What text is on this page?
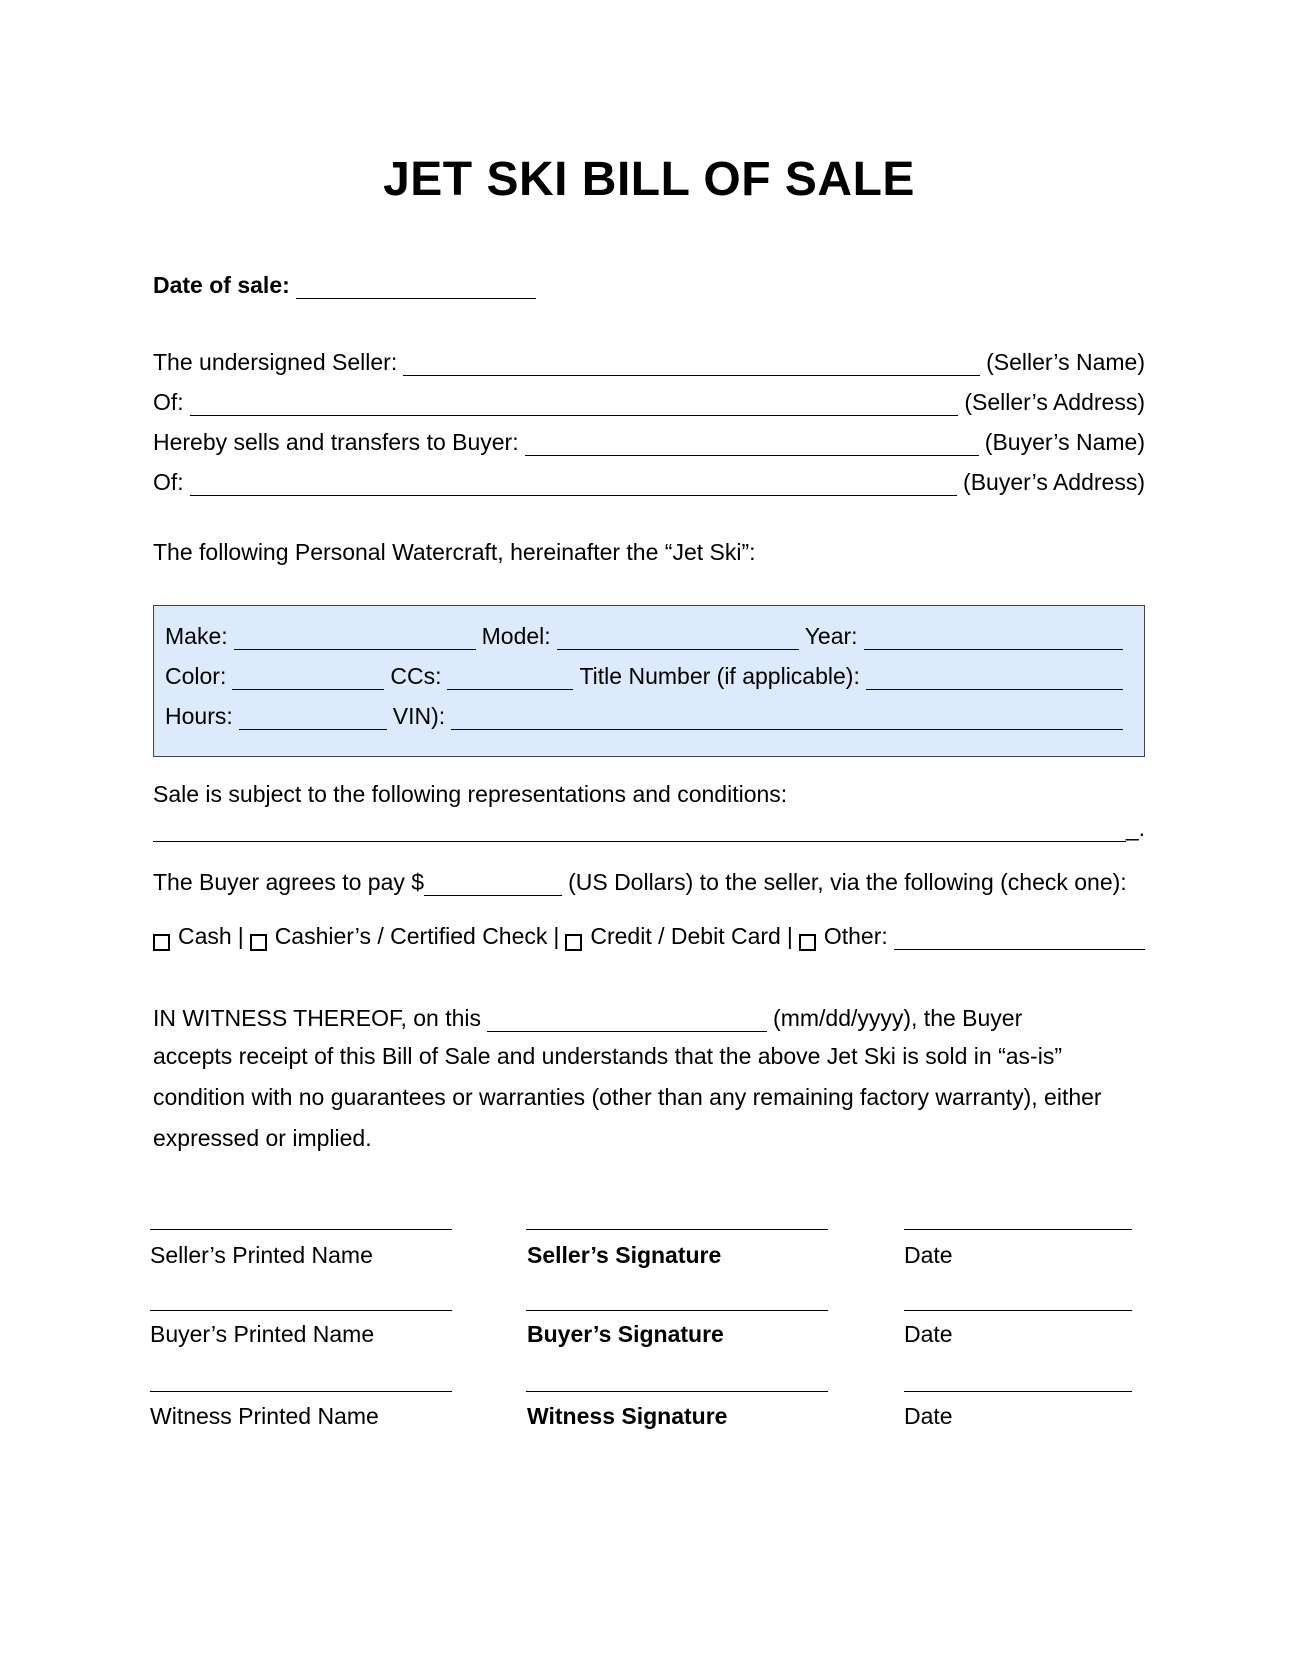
JET SKI BILL OF SALE
Date of sale:
The undersigned Seller:	(Seller’s Name)
Of:	(Seller’s Address)
Hereby sells and transfers to Buyer:	(Buyer’s Name)
Of:	(Buyer’s Address)
The following Personal Watercraft, hereinafter the “Jet Ski”:
Make:	Model:	Year:
Color:	CCs:	Title Number (if applicable):
Hours:	VIN):
Sale is subject to the following representations and conditions:
_.
The Buyer agrees to pay $	(US Dollars) to the seller, via the following (check one):
Cash | Cashier’s / Certified Check | Credit / Debit Card | Other:
IN WITNESS THEREOF, on this	(mm/dd/yyyy), the Buyer
accepts receipt of this Bill of Sale and understands that the above Jet Ski is sold in “as-is” condition with no guarantees or warranties (other than any remaining factory warranty), either expressed or implied.
Seller’s Printed Name	Seller’s Signature	Date
Buyer’s Printed Name	Buyer’s Signature	Date
Witness Printed Name	Witness Signature	Date
